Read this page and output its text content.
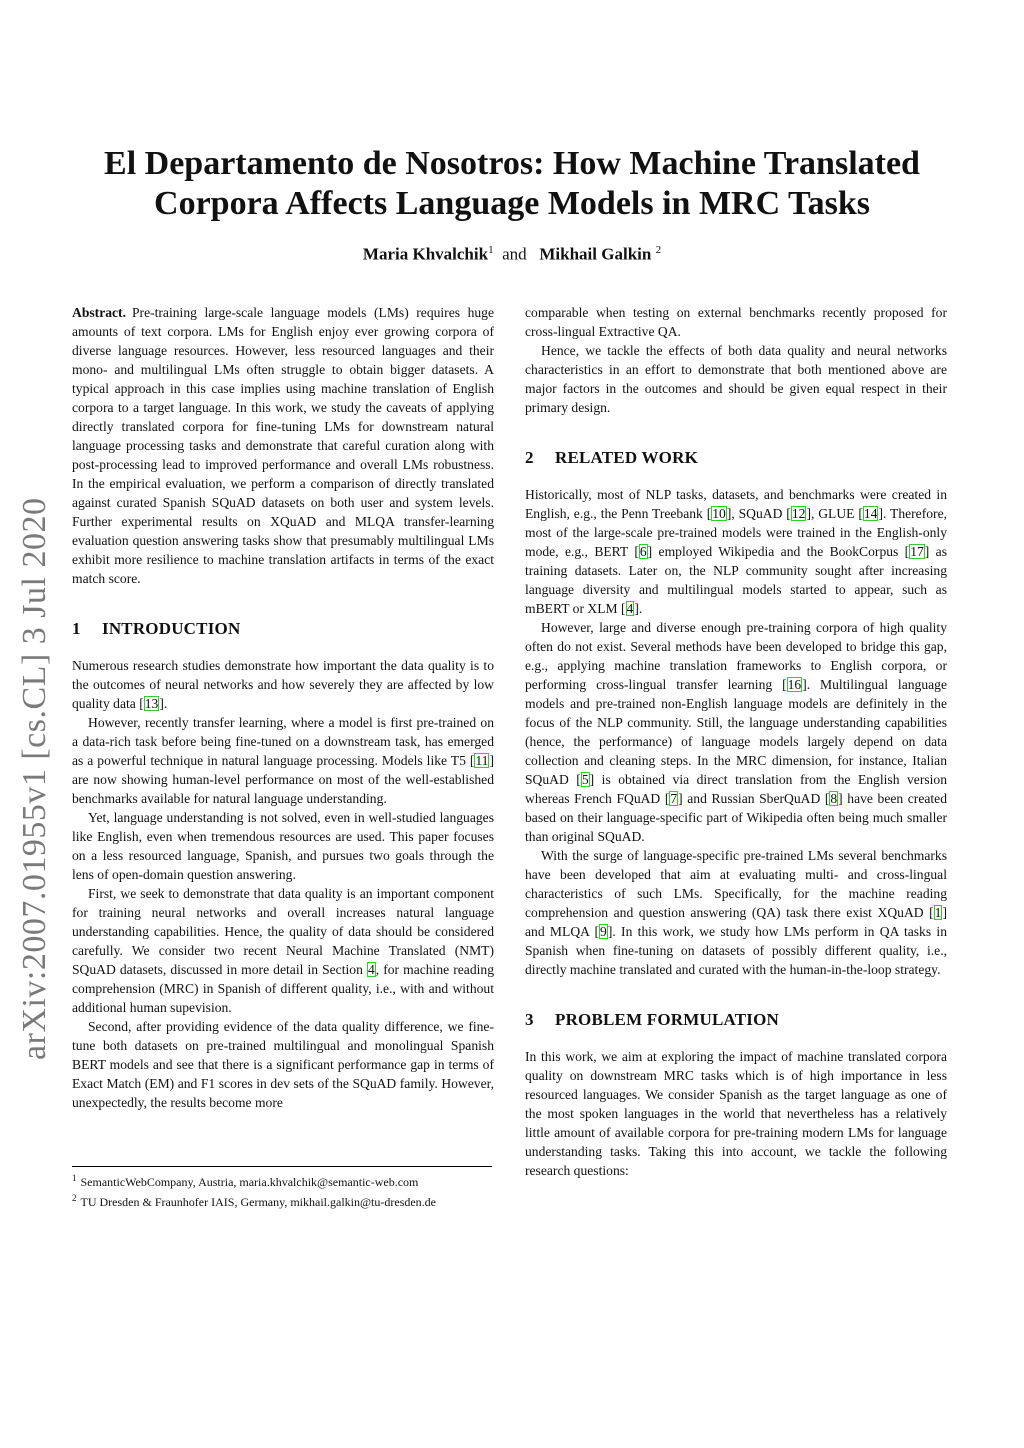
arXiv:2007.01955v1 [cs.CL] 3 Jul 2020
El Departamento de Nosotros: How Machine Translated
Corpora Affects Language Models in MRC Tasks
Maria Khvalchik$^1$ and Mikhail Galkin $^2$

Abstract. Pre-training large-scale language models (LMs) requires huge amounts of text corpora. LMs for English enjoy ever growing corpora of diverse language resources. However, less resourced languages and their mono- and multilingual LMs often struggle to obtain bigger datasets. A typical approach in this case implies using machine translation of English corpora to a target language. In this work, we study the caveats of applying directly translated corpora for fine-tuning LMs for downstream natural language processing tasks and demonstrate that careful curation along with post-processing lead to improved performance and overall LMs robustness. In the empirical evaluation, we perform a comparison of directly translated against curated Spanish SQuAD datasets on both user and system levels. Further experimental results on XQuAD and MLQA transfer-learning evaluation question answering tasks show that presumably multilingual LMs exhibit more resilience to machine translation artifacts in terms of the exact match score.

1 INTRODUCTION

Numerous research studies demonstrate how important the data quality is to the outcomes of neural networks and how severely they are affected by low quality data [13].

However, recently transfer learning, where a model is first pre-trained on a data-rich task before being fine-tuned on a downstream task, has emerged as a powerful technique in natural language processing. Models like T5 [11] are now showing human-level performance on most of the well-established benchmarks available for natural language understanding.

Yet, language understanding is not solved, even in well-studied languages like English, even when tremendous resources are used. This paper focuses on a less resourced language, Spanish, and pursues two goals through the lens of open-domain question answering.

First, we seek to demonstrate that data quality is an important component for training neural networks and overall increases natural language understanding capabilities. Hence, the quality of data should be considered carefully. We consider two recent Neural Machine Translated (NMT) SQuAD datasets, discussed in more detail in Section 4, for machine reading comprehension (MRC) in Spanish of different quality, i.e., with and without additional human supevision.

Second, after providing evidence of the data quality difference, we fine-tune both datasets on pre-trained multilingual and monolingual Spanish BERT models and see that there is a significant performance gap in terms of Exact Match (EM) and F1 scores in dev sets of the SQuAD family. However, unexpectedly, the results become more

$^1$ SemanticWebCompany, Austria, maria.khvalchik@semantic-web.com
$^2$ TU Dresden & Fraunhofer IAIS, Germany, mikhail.galkin@tu-dresden.de

comparable when testing on external benchmarks recently proposed for cross-lingual Extractive QA.

Hence, we tackle the effects of both data quality and neural networks characteristics in an effort to demonstrate that both mentioned above are major factors in the outcomes and should be given equal respect in their primary design.

2 RELATED WORK

Historically, most of NLP tasks, datasets, and benchmarks were created in English, e.g., the Penn Treebank [10], SQuAD [12], GLUE [14]. Therefore, most of the large-scale pre-trained models were trained in the English-only mode, e.g., BERT [6] employed Wikipedia and the BookCorpus [17] as training datasets. Later on, the NLP community sought after increasing language diversity and multilingual models started to appear, such as mBERT or XLM [4].

However, large and diverse enough pre-training corpora of high quality often do not exist. Several methods have been developed to bridge this gap, e.g., applying machine translation frameworks to English corpora, or performing cross-lingual transfer learning [16]. Multilingual language models and pre-trained non-English language models are definitely in the focus of the NLP community. Still, the language understanding capabilities (hence, the performance) of language models largely depend on data collection and cleaning steps. In the MRC dimension, for instance, Italian SQuAD [5] is obtained via direct translation from the English version whereas French FQuAD [7] and Russian SberQuAD [8] have been created based on their language-specific part of Wikipedia often being much smaller than original SQuAD.

With the surge of language-specific pre-trained LMs several benchmarks have been developed that aim at evaluating multi- and cross-lingual characteristics of such LMs. Specifically, for the machine reading comprehension and question answering (QA) task there exist XQuAD [1] and MLQA [9]. In this work, we study how LMs perform in QA tasks in Spanish when fine-tuning on datasets of possibly different quality, i.e., directly machine translated and curated with the human-in-the-loop strategy.

3 PROBLEM FORMULATION

In this work, we aim at exploring the impact of machine translated corpora quality on downstream MRC tasks which is of high importance in less resourced languages. We consider Spanish as the target language as one of the most spoken languages in the world that nevertheless has a relatively little amount of available corpora for pre-training modern LMs for language understanding tasks. Taking this into account, we tackle the following research questions:
